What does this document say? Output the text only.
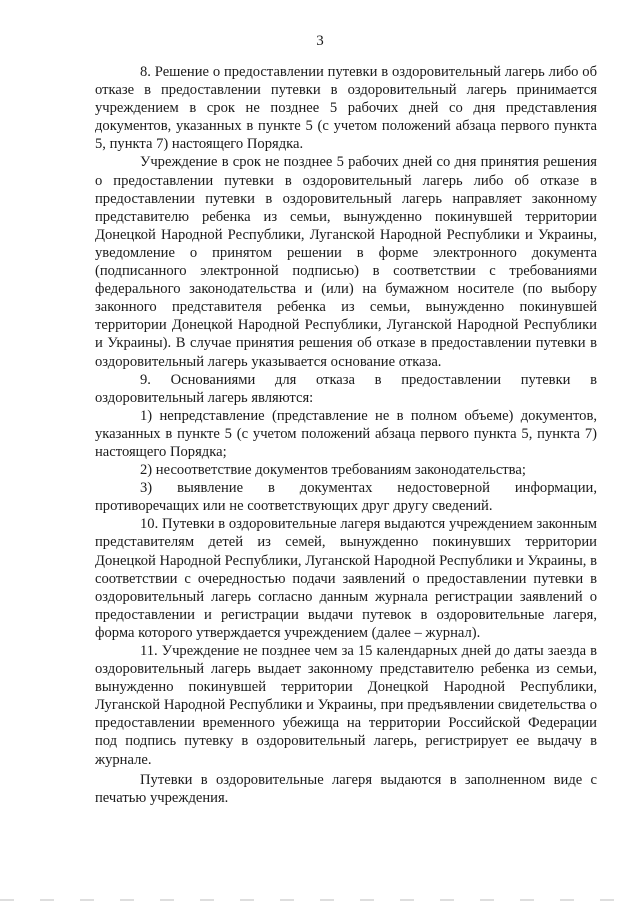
3

8. Решение о предоставлении путевки в оздоровительный лагерь либо об отказе в предоставлении путевки в оздоровительный лагерь принимается учреждением в срок не позднее 5 рабочих дней со дня представления документов, указанных в пункте 5 (с учетом положений абзаца первого пункта 5, пункта 7) настоящего Порядка.

Учреждение в срок не позднее 5 рабочих дней со дня принятия решения о предоставлении путевки в оздоровительный лагерь либо об отказе в предоставлении путевки в оздоровительный лагерь направляет законному представителю ребенка из семьи, вынужденно покинувшей территории Донецкой Народной Республики, Луганской Народной Республики и Украины, уведомление о принятом решении в форме электронного документа (подписанного электронной подписью) в соответствии с требованиями федерального законодательства и (или) на бумажном носителе (по выбору законного представителя ребенка из семьи, вынужденно покинувшей территории Донецкой Народной Республики, Луганской Народной Республики и Украины). В случае принятия решения об отказе в предоставлении путевки в оздоровительный лагерь указывается основание отказа.

9. Основаниями для отказа в предоставлении путевки в оздоровительный лагерь являются:

1) непредставление (представление не в полном объеме) документов, указанных в пункте 5 (с учетом положений абзаца первого пункта 5, пункта 7) настоящего Порядка;

2) несоответствие документов требованиям законодательства;

3) выявление в документах недостоверной информации, противоречащих или не соответствующих друг другу сведений.

10. Путевки в оздоровительные лагеря выдаются учреждением законным представителям детей из семей, вынужденно покинувших территории Донецкой Народной Республики, Луганской Народной Республики и Украины, в соответствии с очередностью подачи заявлений о предоставлении путевки в оздоровительный лагерь согласно данным журнала регистрации заявлений о предоставлении и регистрации выдачи путевок в оздоровительные лагеря, форма которого утверждается учреждением (далее – журнал).

11. Учреждение не позднее чем за 15 календарных дней до даты заезда в оздоровительный лагерь выдает законному представителю ребенка из семьи, вынужденно покинувшей территории Донецкой Народной Республики, Луганской Народной Республики и Украины, при предъявлении свидетельства о предоставлении временного убежища на территории Российской Федерации под подпись путевку в оздоровительный лагерь, регистрирует ее выдачу в журнале.

Путевки в оздоровительные лагеря выдаются в заполненном виде с печатью учреждения.
